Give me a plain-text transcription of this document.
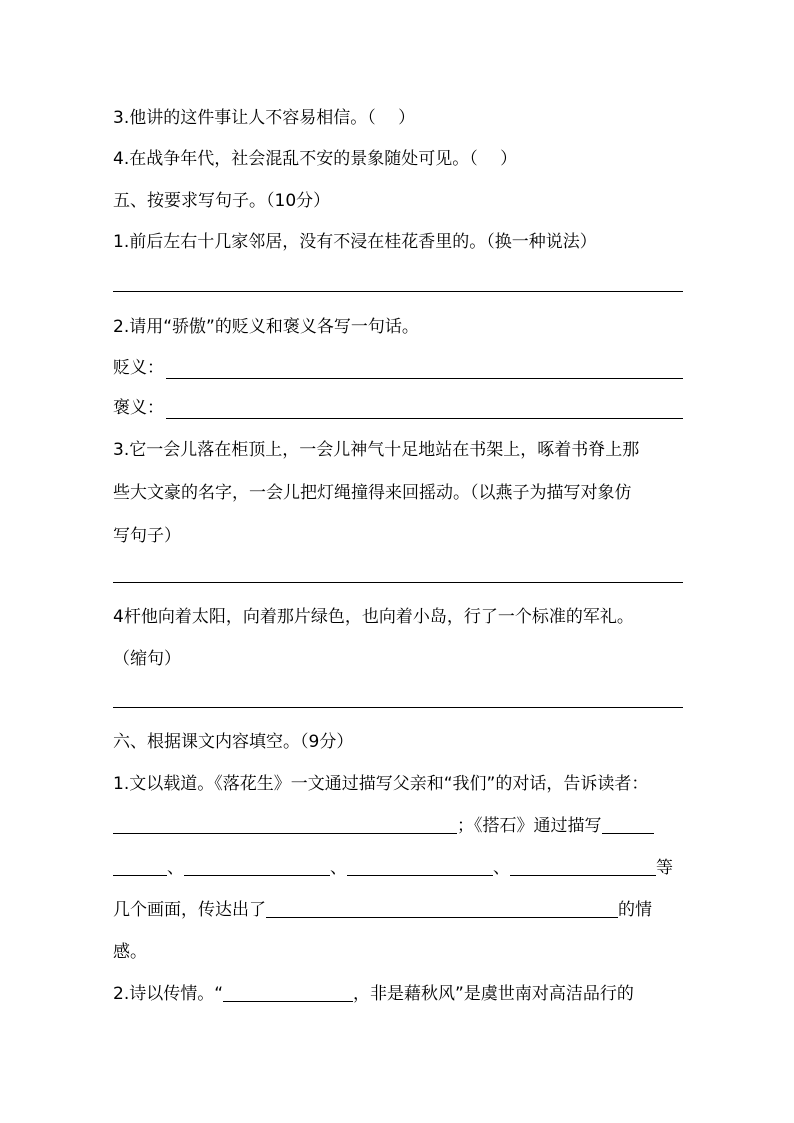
3.他讲的这件事让人不容易相信。（　 ）
4.在战争年代，社会混乱不安的景象随处可见。（　 ）
五、按要求写句子。（10分）
1.前后左右十几家邻居，没有不浸在桂花香里的。（换一种说法）
2.请用“骄傲”的贬义和褒义各写一句话。
贬义：
褒义：
3.它一会儿落在柜顶上，一会儿神气十足地站在书架上，啄着书脊上那
些大文豪的名字，一会儿把灯绳撞得来回摇动。（以燕子为描写对象仿
写句子）
4杆他向着太阳，向着那片绿色，也向着小岛，行了一个标准的军礼。
（缩句）
六、根据课文内容填空。（9分）
1.文以载道。《落花生》一文通过描写父亲和“我们”的对话，告诉读者：
；《搭石》通过描写
、	、	、	等
几个画面，传达出了	的情
感。
2.诗以传情。“	，非是藉秋风”是虞世南对高洁品行的
